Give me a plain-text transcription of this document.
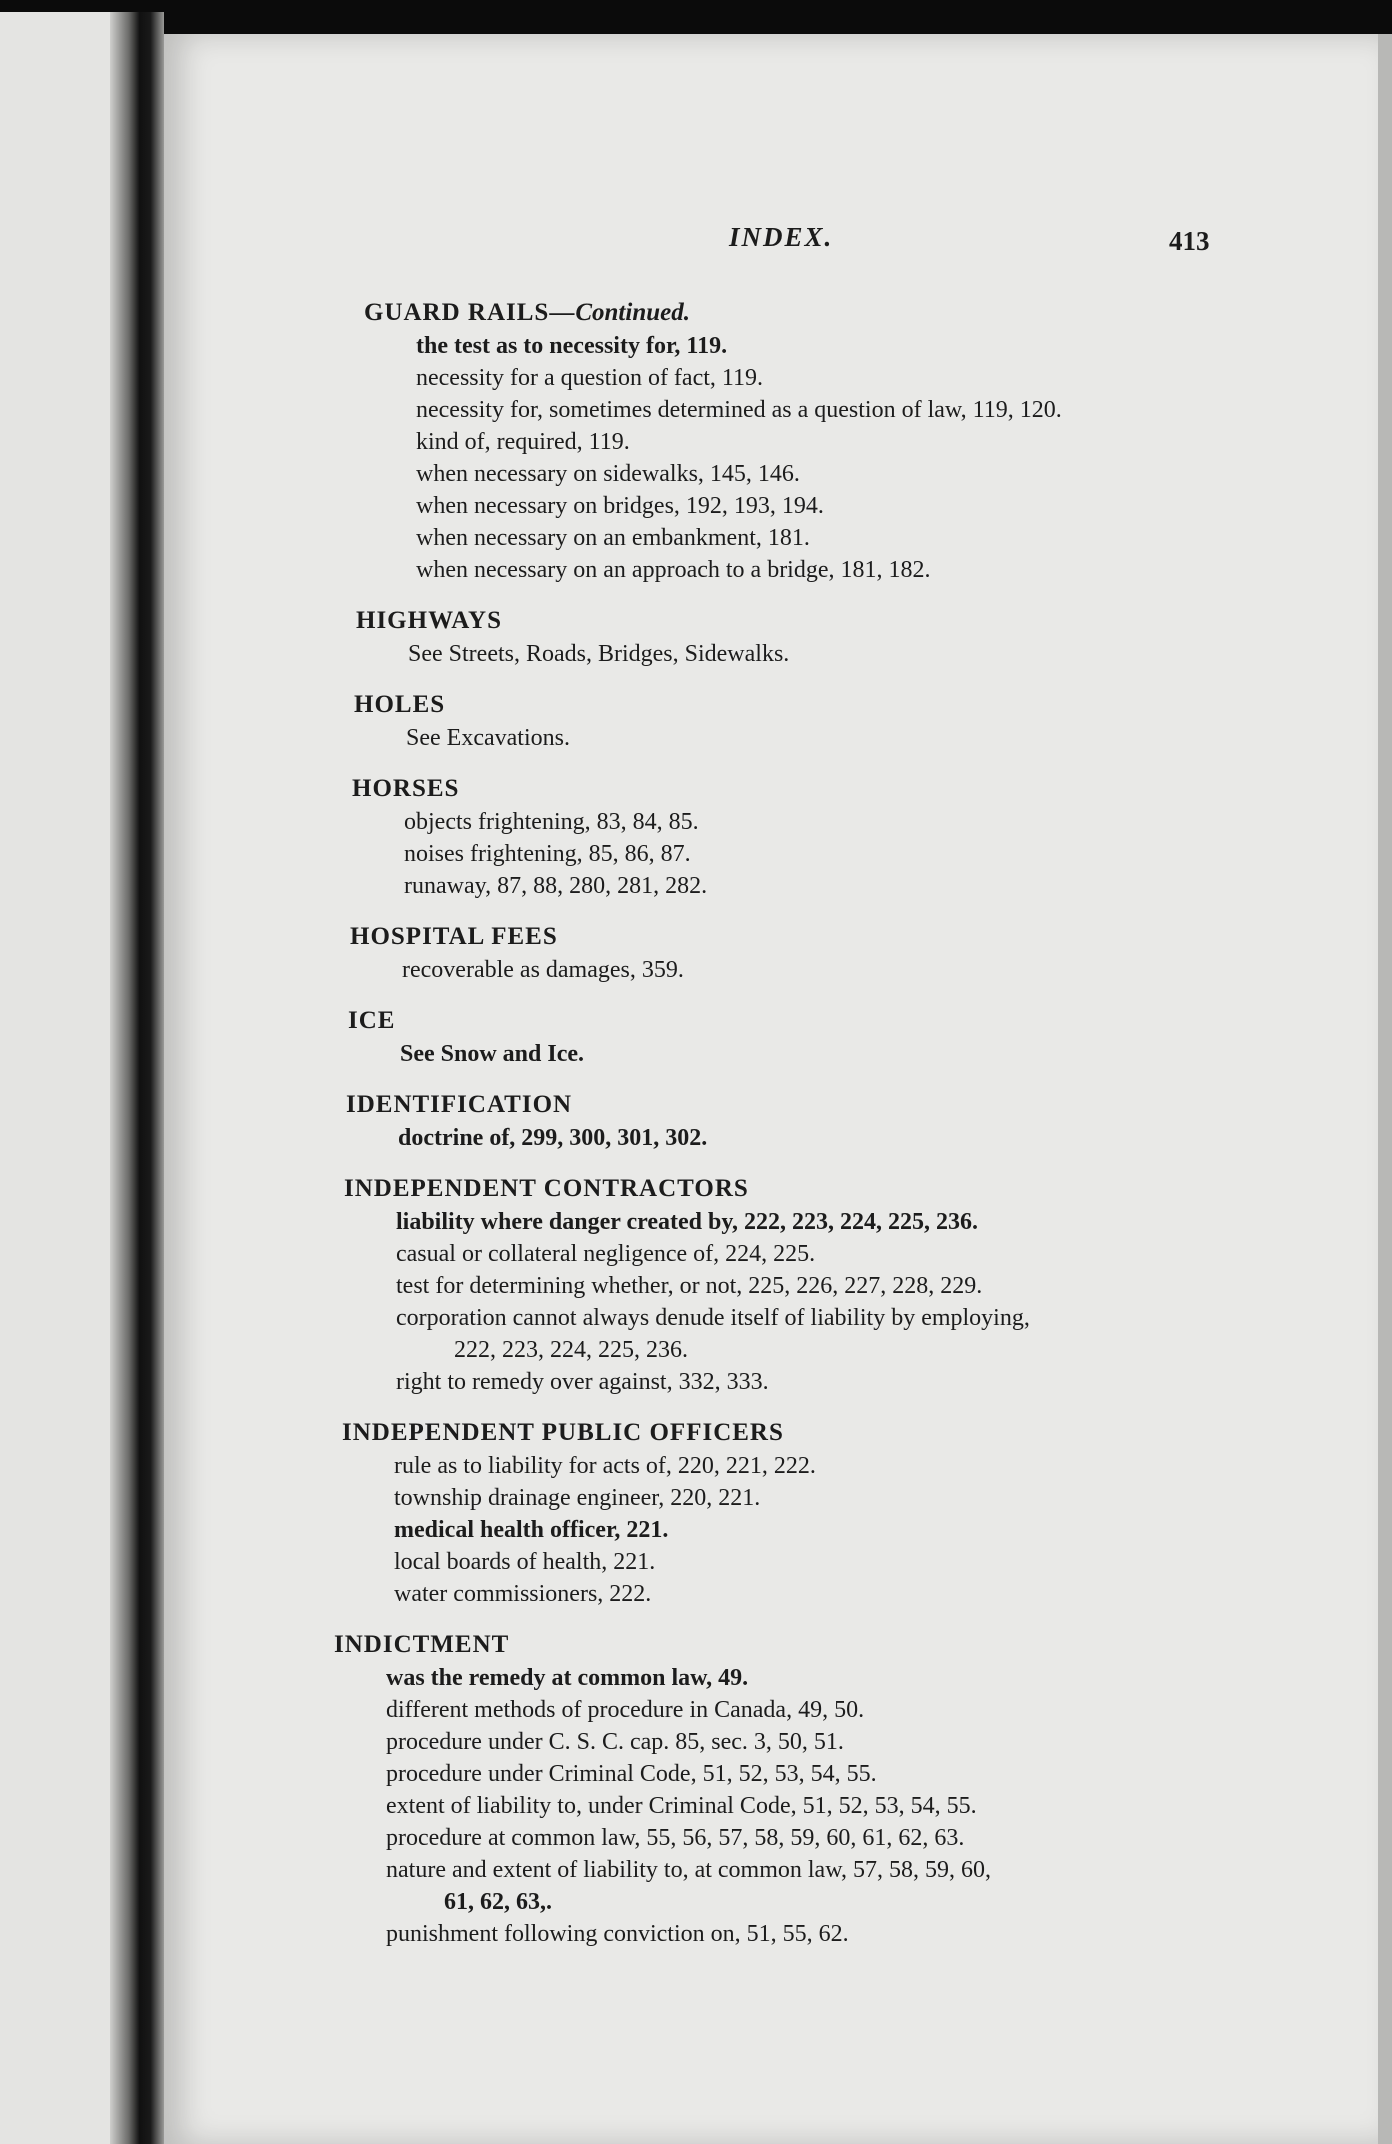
INDEX.	413
GUARD RAILS—Continued.
the test as to necessity for, 119.
necessity for a question of fact, 119.
necessity for, sometimes determined as a question of law, 119, 120.
kind of, required, 119.
when necessary on sidewalks, 145, 146.
when necessary on bridges, 192, 193, 194.
when necessary on an embankment, 181.
when necessary on an approach to a bridge, 181, 182.
HIGHWAYS
See Streets, Roads, Bridges, Sidewalks.
HOLES
See Excavations.
HORSES
objects frightening, 83, 84, 85.
noises frightening, 85, 86, 87.
runaway, 87, 88, 280, 281, 282.
HOSPITAL FEES
recoverable as damages, 359.
ICE
See Snow and Ice.
IDENTIFICATION
doctrine of, 299, 300, 301, 302.
INDEPENDENT CONTRACTORS
liability where danger created by, 222, 223, 224, 225, 236.
casual or collateral negligence of, 224, 225.
test for determining whether, or not, 225, 226, 227, 228, 229.
corporation cannot always denude itself of liability by employing,
222, 223, 224, 225, 236.
right to remedy over against, 332, 333.
INDEPENDENT PUBLIC OFFICERS
rule as to liability for acts of, 220, 221, 222.
township drainage engineer, 220, 221.
medical health officer, 221.
local boards of health, 221.
water commissioners, 222.
INDICTMENT
was the remedy at common law, 49.
different methods of procedure in Canada, 49, 50.
procedure under C. S. C. cap. 85, sec. 3, 50, 51.
procedure under Criminal Code, 51, 52, 53, 54, 55.
extent of liability to, under Criminal Code, 51, 52, 53, 54, 55.
procedure at common law, 55, 56, 57, 58, 59, 60, 61, 62, 63.
nature and extent of liability to, at common law, 57, 58, 59, 60,
61, 62, 63,.
punishment following conviction on, 51, 55, 62.
